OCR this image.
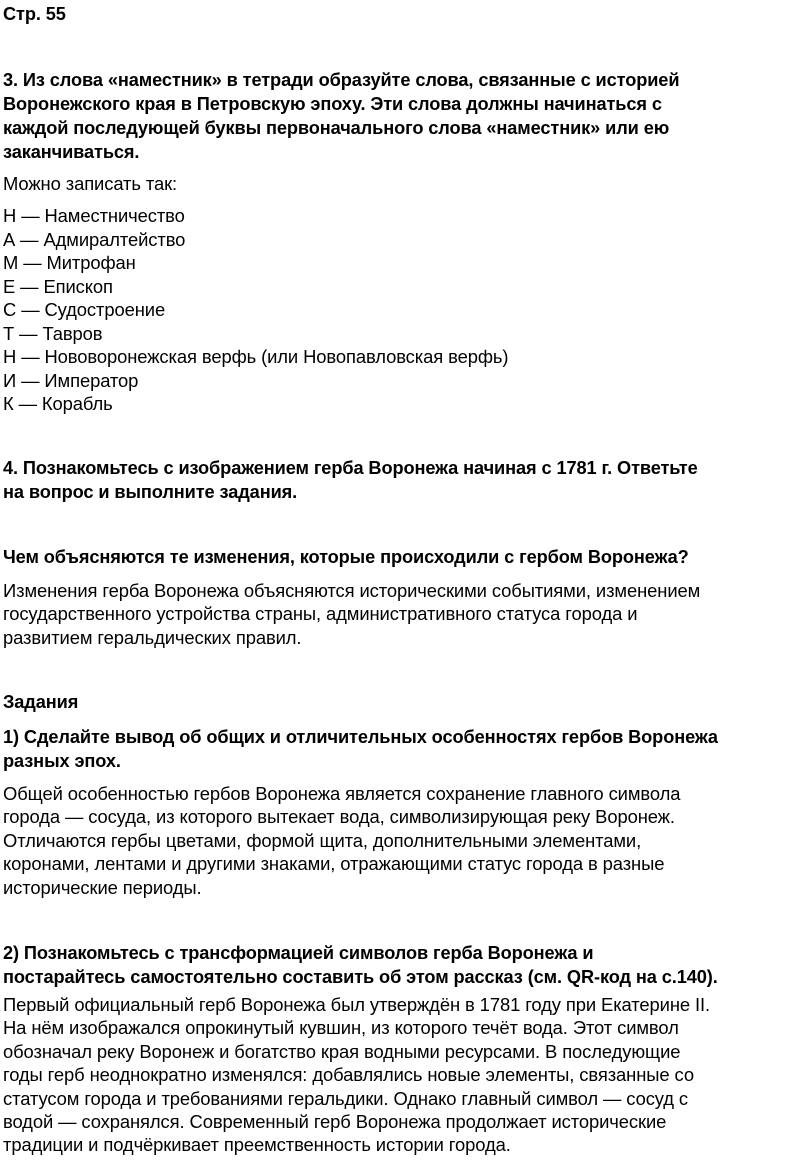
Стр. 55
3. Из слова «наместник» в тетради образуйте слова, связанные с историей
Воронежского края в Петровскую эпоху. Эти слова должны начинаться с
каждой последующей буквы первоначального слова «наместник» или ею
заканчиваться.
Можно записать так:
Н — Наместничество
А — Адмиралтейство
М — Митрофан
Е — Епископ
С — Судостроение
Т — Тавров
Н — Нововоронежская верфь (или Новопавловская верфь)
И — Император
К — Корабль
4. Познакомьтесь с изображением герба Воронежа начиная с 1781 г. Ответьте
на вопрос и выполните задания.
Чем объясняются те изменения, которые происходили с гербом Воронежа?
Изменения герба Воронежа объясняются историческими событиями, изменением
государственного устройства страны, административного статуса города и
развитием геральдических правил.
Задания
1) Сделайте вывод об общих и отличительных особенностях гербов Воронежа
разных эпох.
Общей особенностью гербов Воронежа является сохранение главного символа
города — сосуда, из которого вытекает вода, символизирующая реку Воронеж.
Отличаются гербы цветами, формой щита, дополнительными элементами,
коронами, лентами и другими знаками, отражающими статус города в разные
исторические периоды.
2) Познакомьтесь с трансформацией символов герба Воронежа и
постарайтесь самостоятельно составить об этом рассказ (см. QR-код на с.140).
Первый официальный герб Воронежа был утверждён в 1781 году при Екатерине II.
На нём изображался опрокинутый кувшин, из которого течёт вода. Этот символ
обозначал реку Воронеж и богатство края водными ресурсами. В последующие
годы герб неоднократно изменялся: добавлялись новые элементы, связанные со
статусом города и требованиями геральдики. Однако главный символ — сосуд с
водой — сохранялся. Современный герб Воронежа продолжает исторические
традиции и подчёркивает преемственность истории города.
